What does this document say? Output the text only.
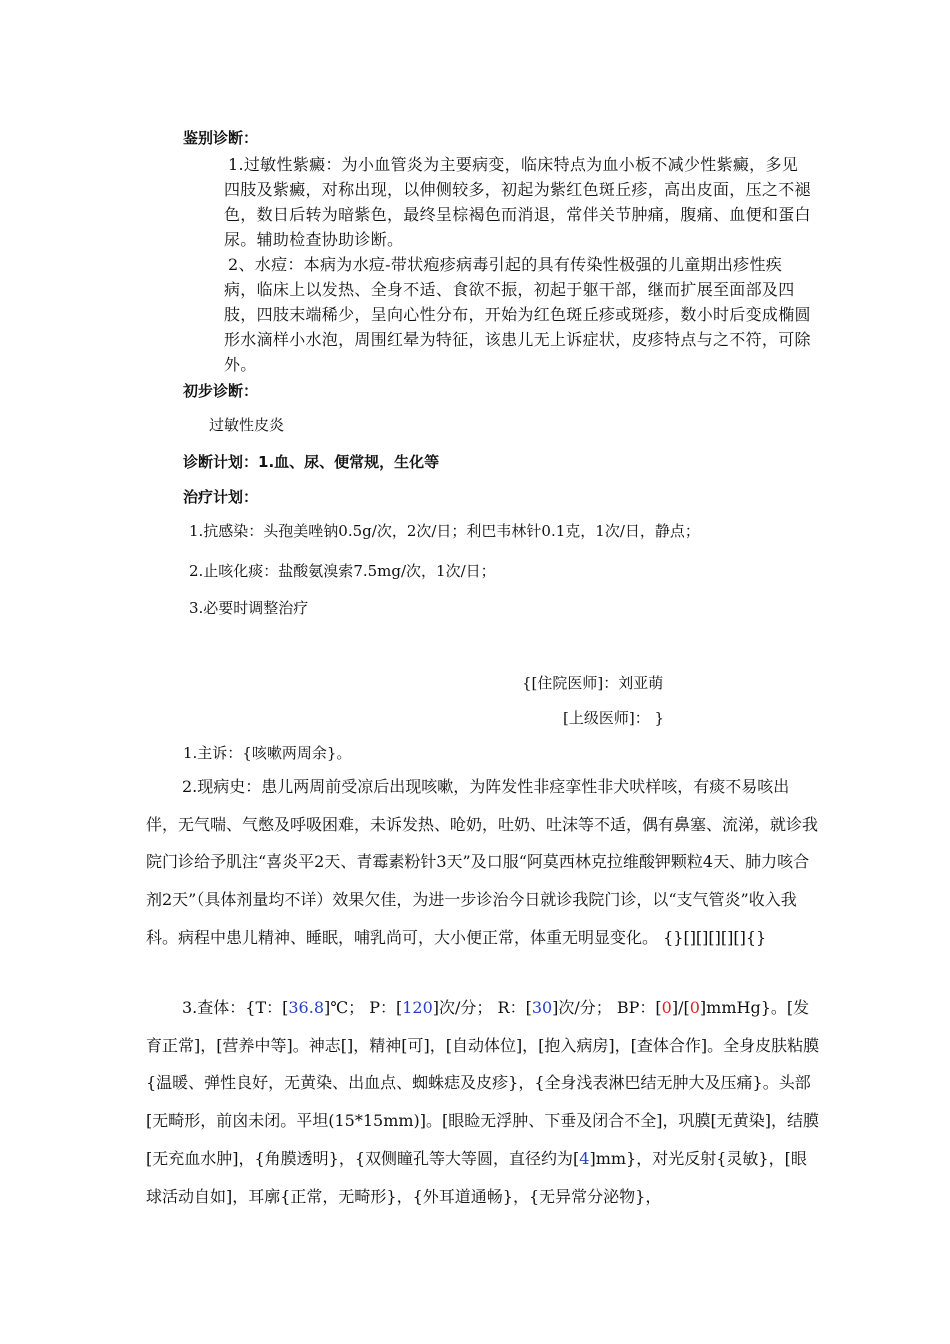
鉴别诊断：
1.过敏性紫癜：为小血管炎为主要病变，临床特点为血小板不减少性紫癜，多见四肢及紫癜，对称出现，以伸侧较多，初起为紫红色斑丘疹，高出皮面，压之不褪色，数日后转为暗紫色，最终呈棕褐色而消退，常伴关节肿痛，腹痛、血便和蛋白尿。辅助检查协助诊断。
2、水痘：本病为水痘-带状疱疹病毒引起的具有传染性极强的儿童期出疹性疾病，临床上以发热、全身不适、食欲不振，初起于躯干部，继而扩展至面部及四肢，四肢末端稀少，呈向心性分布，开始为红色斑丘疹或斑疹，数小时后变成椭圆形水滴样小水泡，周围红晕为特征，该患儿无上诉症状，皮疹特点与之不符，可除外。
初步诊断：
过敏性皮炎
诊断计划：1.血、尿、便常规，生化等
治疗计划：
1.抗感染：头孢美唑钠0.5g/次，2次/日；利巴韦林针0.1克，1次/日，静点；
2.止咳化痰：盐酸氨溴索7.5mg/次，1次/日；
3.必要时调整治疗
{[住院医师]：刘亚萌
[上级医师]： }
1.主诉：{咳嗽两周余}。
2.现病史：患儿两周前受凉后出现咳嗽，为阵发性非痉挛性非犬吠样咳，有痰不易咳出伴，无气喘、气憋及呼吸困难，未诉发热、呛奶，吐奶、吐沫等不适，偶有鼻塞、流涕，就诊我院门诊给予肌注“喜炎平2天、青霉素粉针3天”及口服“阿莫西林克拉维酸钾颗粒4天、肺力咳合剂2天”（具体剂量均不详）效果欠佳，为进一步诊治今日就诊我院门诊，以“支气管炎”收入我科。病程中患儿精神、睡眠，哺乳尚可，大小便正常，体重无明显变化。 {}[][][][][]{}
3.查体：{T：[36.8]℃； P：[120]次/分； R：[30]次/分； BP：[0]/[0]mmHg}。[发育正常]，[营养中等]。神志[]，精神[可]，[自动体位]，[抱入病房]，[查体合作]。全身皮肤粘膜{温暖、弹性良好，无黄染、出血点、蜘蛛痣及皮疹}，{全身浅表淋巴结无肿大及压痛}。头部[无畸形，前囟未闭。平坦(15*15mm)]。[眼睑无浮肿、下垂及闭合不全]，巩膜[无黄染]，结膜[无充血水肿]，{角膜透明}，{双侧瞳孔等大等圆，直径约为[4]mm}，对光反射{灵敏}，[眼球活动自如]，耳廓{正常，无畸形}，{外耳道通畅}，{无异常分泌物}，
